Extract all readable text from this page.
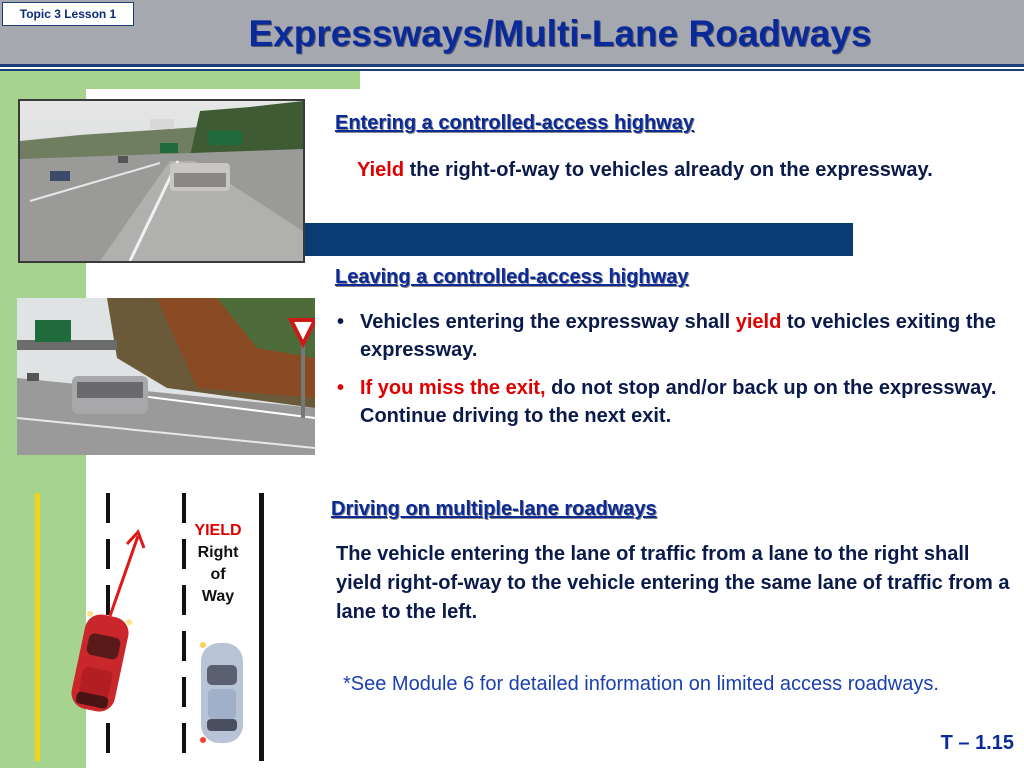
Topic 3 Lesson 1	Expressways/Multi-Lane Roadways
Entering a controlled-access highway
Yield the right-of-way to vehicles already on the expressway.
Leaving a controlled-access highway
• Vehicles entering the expressway shall yield to vehicles exiting the expressway.
• If you miss the exit, do not stop and/or back up on the expressway. Continue driving to the next exit.
Driving on multiple-lane roadways
The vehicle entering the lane of traffic from a lane to the right shall yield right-of-way to the vehicle entering the same lane of traffic from a lane to the left.
*See Module 6 for detailed information on limited access roadways.
T – 1.15
YIELD
Right
of
Way
